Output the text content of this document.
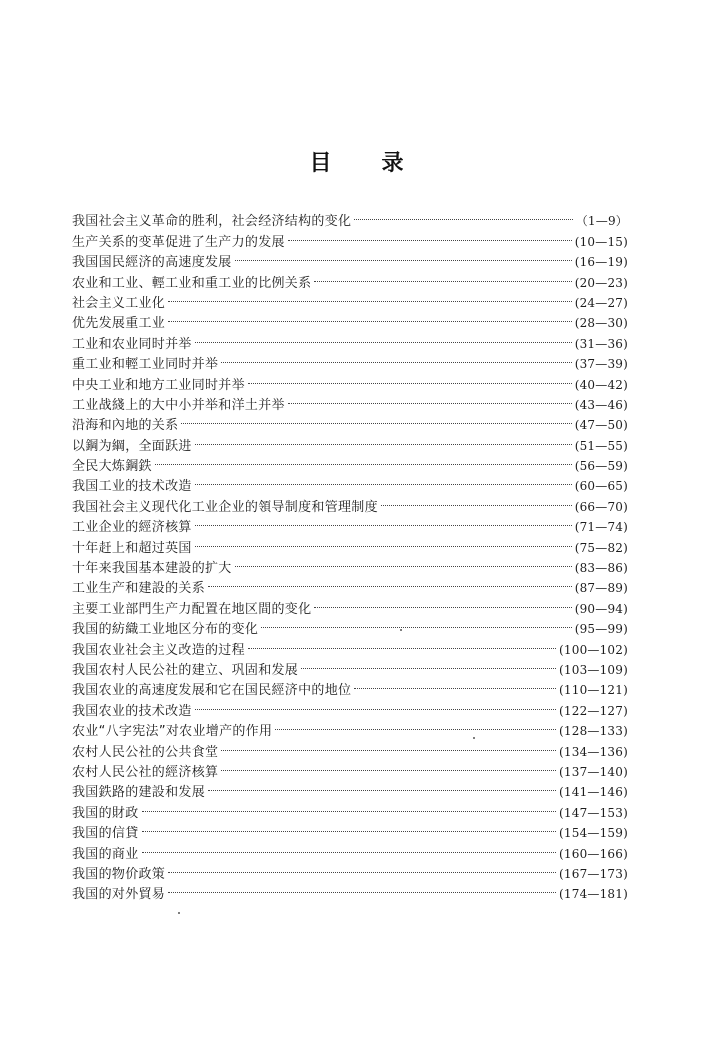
目录
我国社会主义革命的胜利，社会经济结构的变化	（1—9）
生产关系的变革促进了生产力的发展	(10—15)
我国国民經济的高速度发展	(16—19)
农业和工业、輕工业和重工业的比例关系	(20—23)
社会主义工业化	(24—27)
优先发展重工业	(28—30)
工业和农业同时并举	(31—36)
重工业和輕工业同时并举	(37—39)
中央工业和地方工业同时并举	(40—42)
工业战綫上的大中小并举和洋土并举	(43—46)
沿海和內地的关系	(47—50)
以鋼为綱，全面跃进	(51—55)
全民大炼鋼鉄	(56—59)
我国工业的技术改造	(60—65)
我国社会主义现代化工业企业的領导制度和管理制度	(66—70)
工业企业的經济核算	(71—74)
十年赶上和超过英国	(75—82)
十年来我国基本建設的扩大	(83—86)
工业生产和建設的关系	(87—89)
主要工业部門生产力配置在地区間的变化	(90—94)
我国的紡織工业地区分布的变化	(95—99)
我国农业社会主义改造的过程	(100—102)
我国农村人民公社的建立、巩固和发展	(103—109)
我国农业的高速度发展和它在国民經济中的地位	(110—121)
我国农业的技术改造	(122—127)
农业“八字宪法”对农业增产的作用	(128—133)
农村人民公社的公共食堂	(134—136)
农村人民公社的經济核算	(137—140)
我国鉄路的建設和发展	(141—146)
我国的財政	(147—153)
我国的信貸	(154—159)
我国的商业	(160—166)
我国的物价政策	(167—173)
我国的对外貿易	(174—181)
